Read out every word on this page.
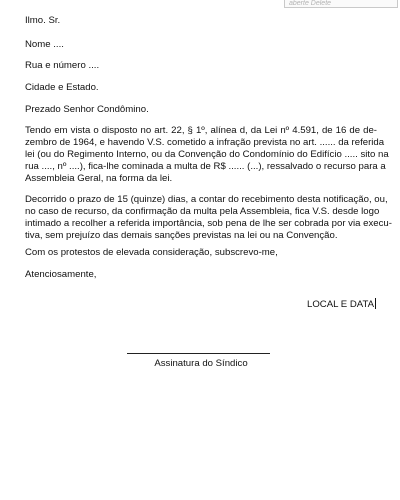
aberte Delete
Ilmo. Sr.
Nome ....
Rua e número ....
Cidade e Estado.
Prezado Senhor Condômino.
Tendo em vista o disposto no art. 22, § 1º, alínea d, da Lei nº 4.591, de 16 de de-
zembro de 1964, e havendo V.S. cometido a infração prevista no art. ...... da referida
lei (ou do Regimento Interno, ou da Convenção do Condomínio do Edifício ..... sito na
rua ...., nº ....), fica-lhe cominada a multa de R$ ...... (...), ressalvado o recurso para a
Assembleia Geral, na forma da lei.
Decorrido o prazo de 15 (quinze) dias, a contar do recebimento desta notificação, ou,
no caso de recurso, da confirmação da multa pela Assembleia, fica V.S. desde logo
intimado a recolher a referida importância, sob pena de lhe ser cobrada por via execu-
tiva, sem prejuízo das demais sanções previstas na lei ou na Convenção.
Com os protestos de elevada consideração, subscrevo-me,
Atenciosamente,
LOCAL E DATA
Assinatura do Síndico
